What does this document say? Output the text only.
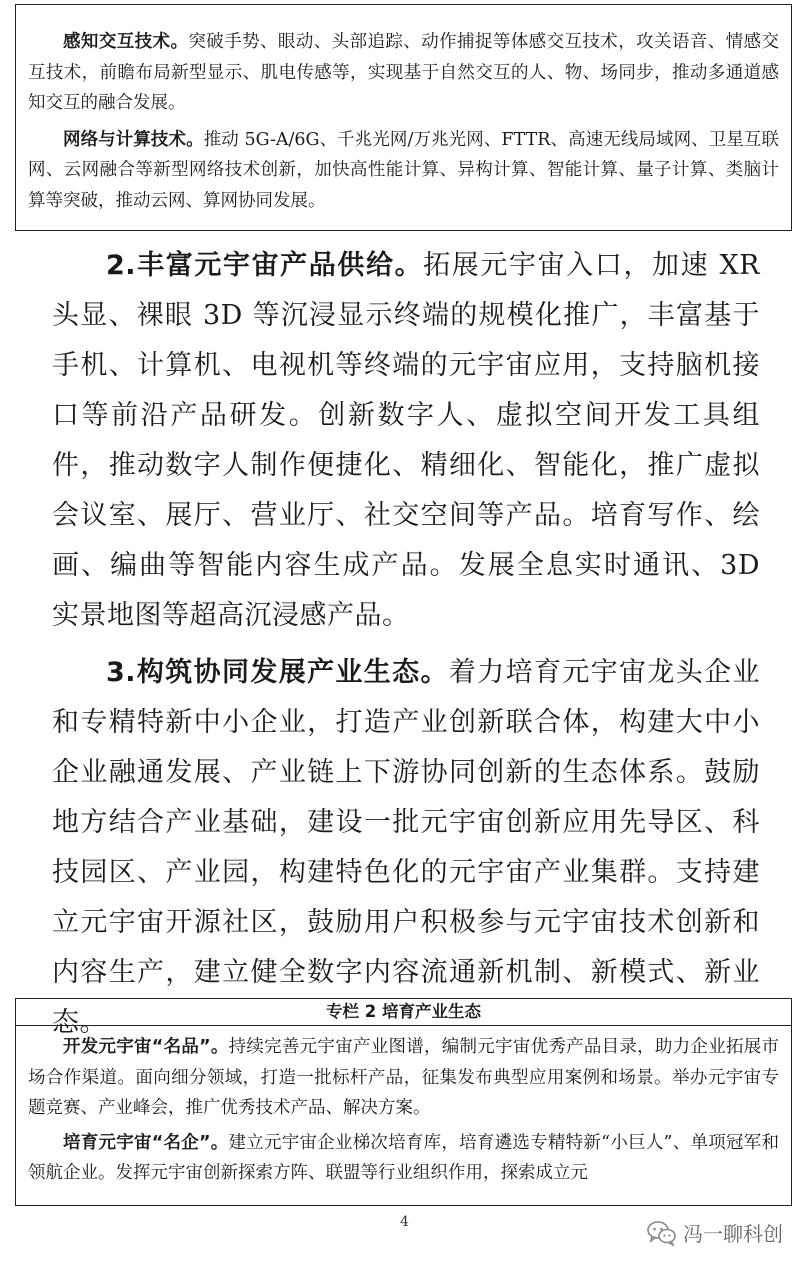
感知交互技术。突破手势、眼动、头部追踪、动作捕捉等体感交互技术，攻关语音、情感交互技术，前瞻布局新型显示、肌电传感等，实现基于自然交互的人、物、场同步，推动多通道感知交互的融合发展。

网络与计算技术。推动 5G-A/6G、千兆光网/万兆光网、FTTR、高速无线局域网、卫星互联网、云网融合等新型网络技术创新，加快高性能计算、异构计算、智能计算、量子计算、类脑计算等突破，推动云网、算网协同发展。

2.丰富元宇宙产品供给。拓展元宇宙入口，加速 XR 头显、裸眼 3D 等沉浸显示终端的规模化推广，丰富基于手机、计算机、电视机等终端的元宇宙应用，支持脑机接口等前沿产品研发。创新数字人、虚拟空间开发工具组件，推动数字人制作便捷化、精细化、智能化，推广虚拟会议室、展厅、营业厅、社交空间等产品。培育写作、绘画、编曲等智能内容生成产品。发展全息实时通讯、3D 实景地图等超高沉浸感产品。

3.构筑协同发展产业生态。着力培育元宇宙龙头企业和专精特新中小企业，打造产业创新联合体，构建大中小企业融通发展、产业链上下游协同创新的生态体系。鼓励地方结合产业基础，建设一批元宇宙创新应用先导区、科技园区、产业园，构建特色化的元宇宙产业集群。支持建立元宇宙开源社区，鼓励用户积极参与元宇宙技术创新和内容生产，建立健全数字内容流通新机制、新模式、新业态。	专栏 2 培育产业生态

开发元宇宙“名品”。持续完善元宇宙产业图谱，编制元宇宙优秀产品目录，助力企业拓展市场合作渠道。面向细分领域，打造一批标杆产品，征集发布典型应用案例和场景。举办元宇宙专题竞赛、产业峰会，推广优秀技术产品、解决方案。

培育元宇宙“名企”。建立元宇宙企业梯次培育库，培育遴选专精特新“小巨人”、单项冠军和领航企业。发挥元宇宙创新探索方阵、联盟等行业组织作用，探索成立元

4	冯一聊科创
